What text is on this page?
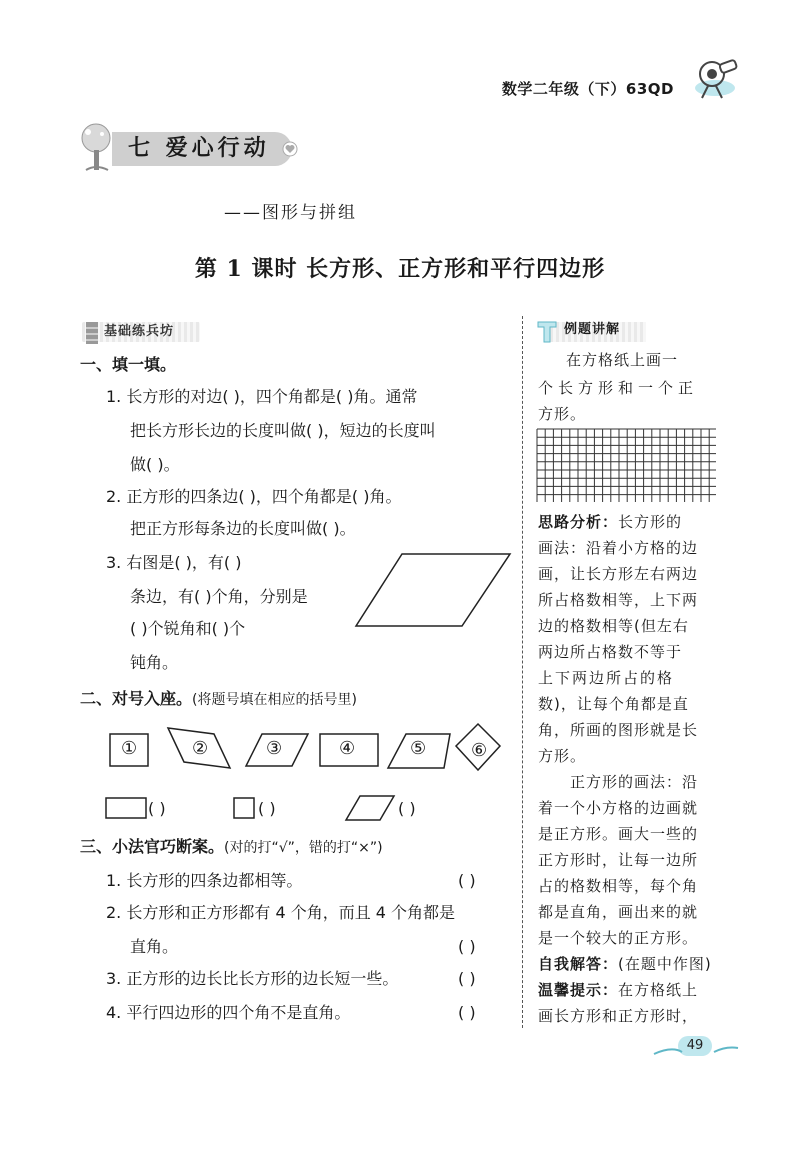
数学二年级（下）63QD
七 爱心行动
——图形与拼组
第 1 课时 长方形、正方形和平行四边形
基础练兵坊
一、填一填。
1. 长方形的对边( )，四个角都是( )角。通常
把长方形长边的长度叫做( )，短边的长度叫
做( )。
2. 正方形的四条边( )，四个角都是( )角。
把正方形每条边的长度叫做( )。
3. 右图是( )，有( )
条边，有( )个角，分别是
( )个锐角和( )个
钝角。
二、对号入座。(将题号填在相应的括号里)
①	②	③	④	⑤ ⑥
( )	( )	( )
三、小法官巧断案。(对的打“√”，错的打“×”)
1. 长方形的四条边都相等。	( )
2. 长方形和正方形都有 4 个角，而且 4 个角都是
直角。	( )
3. 正方形的边长比长方形的边长短一些。	( )
4. 平行四边形的四个角不是直角。	( )
例题讲解
在方格纸上画一
个长方形和一个正
方形。
思路分析：长方形的
画法：沿着小方格的边
画，让长方形左右两边
所占格数相等，上下两
边的格数相等(但左右
两边所占格数不等于
上下两边所占的格
数)，让每个角都是直
角，所画的图形就是长
方形。
正方形的画法：沿
着一个小方格的边画就
是正方形。画大一些的
正方形时，让每一边所
占的格数相等，每个角
都是直角，画出来的就
是一个较大的正方形。
自我解答：(在题中作图)
温馨提示：在方格纸上
画长方形和正方形时，
49
